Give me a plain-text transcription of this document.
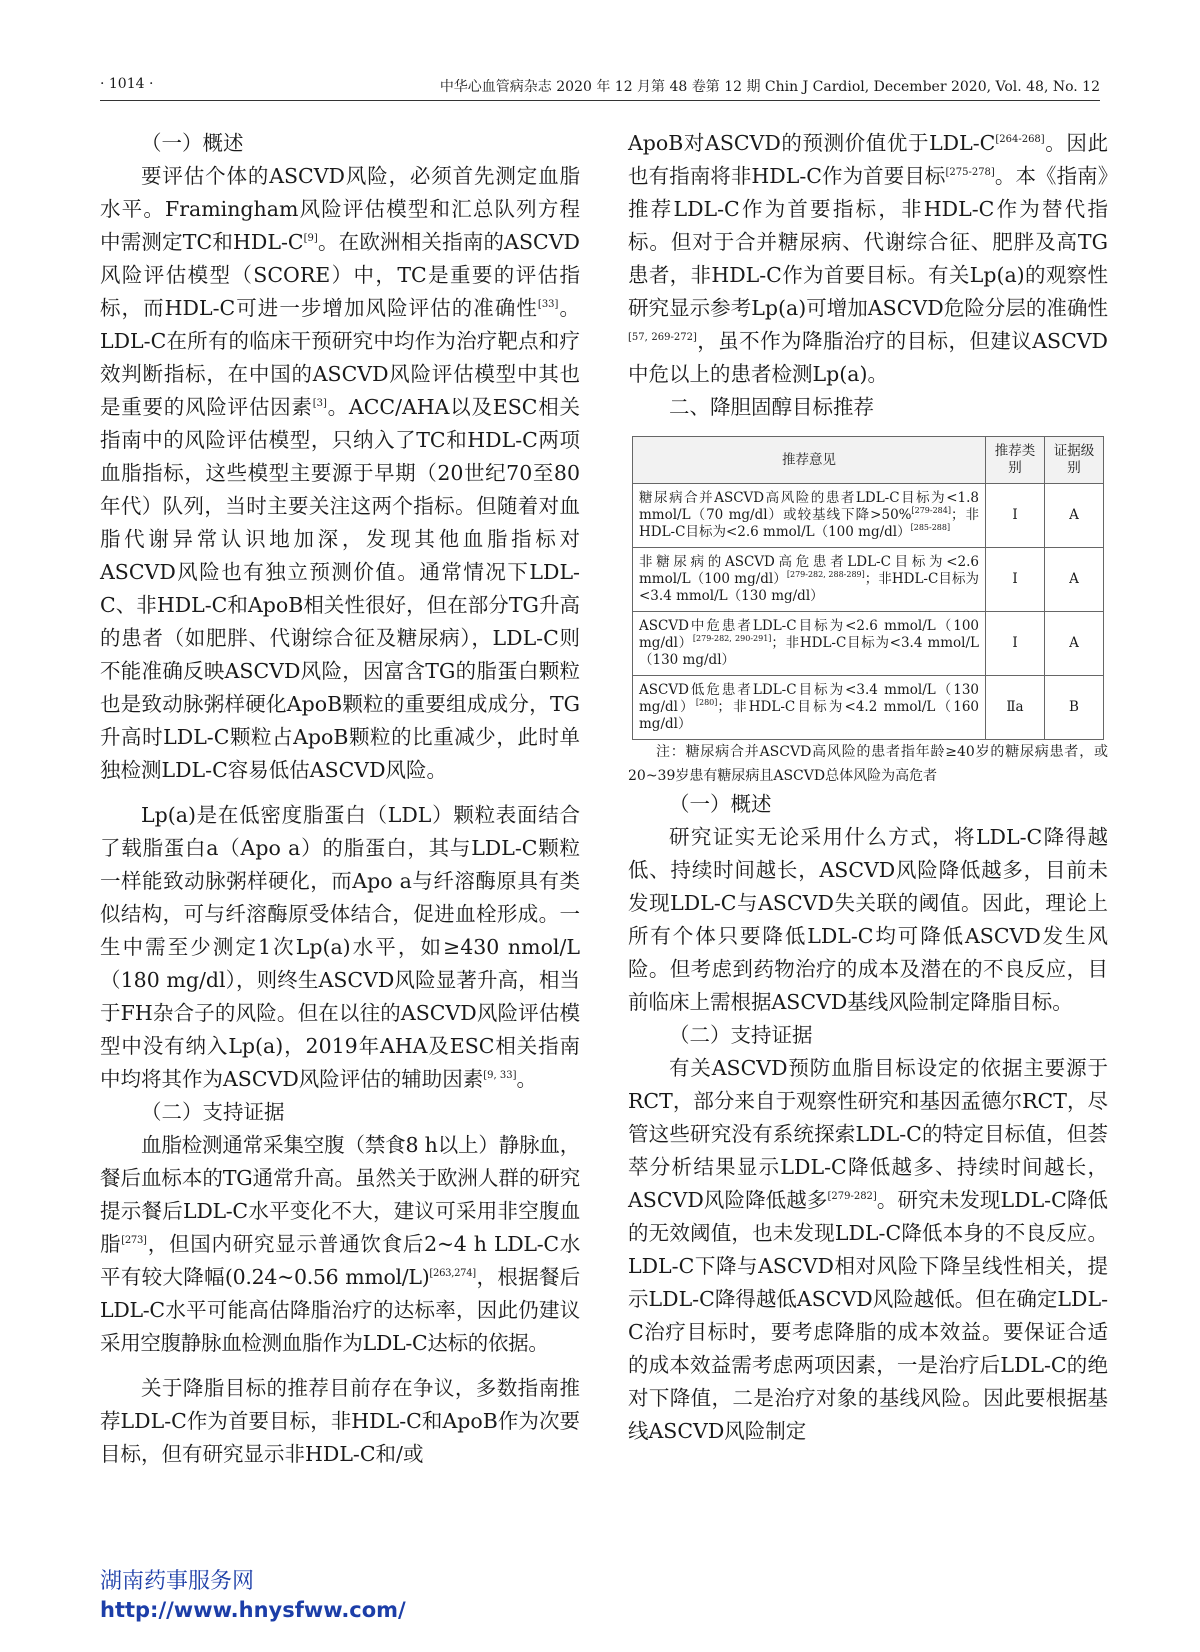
· 1014 ·	中华心血管病杂志 2020 年 12 月第 48 卷第 12 期 Chin J Cardiol, December 2020, Vol. 48, No. 12

（一）概述

要评估个体的ASCVD风险，必须首先测定血脂水平。Framingham风险评估模型和汇总队列方程中需测定TC和HDL-C[9]。在欧洲相关指南的ASCVD风险评估模型（SCORE）中，TC是重要的评估指标，而HDL-C可进一步增加风险评估的准确性[33]。LDL-C在所有的临床干预研究中均作为治疗靶点和疗效判断指标，在中国的ASCVD风险评估模型中其也是重要的风险评估因素[3]。ACC/AHA以及ESC相关指南中的风险评估模型，只纳入了TC和HDL-C两项血脂指标，这些模型主要源于早期（20世纪70至80年代）队列，当时主要关注这两个指标。但随着对血脂代谢异常认识地加深，发现其他血脂指标对ASCVD风险也有独立预测价值。通常情况下LDL-C、非HDL-C和ApoB相关性很好，但在部分TG升高的患者（如肥胖、代谢综合征及糖尿病），LDL-C则不能准确反映ASCVD风险，因富含TG的脂蛋白颗粒也是致动脉粥样硬化ApoB颗粒的重要组成成分，TG升高时LDL-C颗粒占ApoB颗粒的比重减少，此时单独检测LDL-C容易低估ASCVD风险。

Lp(a)是在低密度脂蛋白（LDL）颗粒表面结合了载脂蛋白a（Apo a）的脂蛋白，其与LDL-C颗粒一样能致动脉粥样硬化，而Apo a与纤溶酶原具有类似结构，可与纤溶酶原受体结合，促进血栓形成。一生中需至少测定1次Lp(a)水平，如≥430 nmol/L（180 mg/dl），则终生ASCVD风险显著升高，相当于FH杂合子的风险。但在以往的ASCVD风险评估模型中没有纳入Lp(a)，2019年AHA及ESC相关指南中均将其作为ASCVD风险评估的辅助因素[9, 33]。

（二）支持证据

血脂检测通常采集空腹（禁食8 h以上）静脉血，餐后血标本的TG通常升高。虽然关于欧洲人群的研究提示餐后LDL-C水平变化不大，建议可采用非空腹血脂[273]，但国内研究显示普通饮食后2~4 h LDL-C水平有较大降幅(0.24~0.56 mmol/L)[263,274]，根据餐后LDL-C水平可能高估降脂治疗的达标率，因此仍建议采用空腹静脉血检测血脂作为LDL-C达标的依据。

关于降脂目标的推荐目前存在争议，多数指南推荐LDL-C作为首要目标，非HDL-C和ApoB作为次要目标，但有研究显示非HDL-C和/或

ApoB对ASCVD的预测价值优于LDL-C[264-268]。因此也有指南将非HDL-C作为首要目标[275-278]。本《指南》推荐LDL-C作为首要指标，非HDL-C作为替代指标。但对于合并糖尿病、代谢综合征、肥胖及高TG患者，非HDL-C作为首要目标。有关Lp(a)的观察性研究显示参考Lp(a)可增加ASCVD危险分层的准确性[57, 269-272]，虽不作为降脂治疗的目标，但建议ASCVD中危以上的患者检测Lp(a)。

二、降胆固醇目标推荐

推荐意见	推荐类别	证据级别
糖尿病合并ASCVD高风险的患者LDL-C目标为<1.8 mmol/L（70 mg/dl）或较基线下降>50%[279-284]；非HDL-C目标为<2.6 mmol/L（100 mg/dl）[285-288]	Ⅰ	A
非糖尿病的ASCVD高危患者LDL-C目标为<2.6 mmol/L（100 mg/dl）[279-282, 288-289]；非HDL-C目标为<3.4 mmol/L（130 mg/dl）	Ⅰ	A
ASCVD中危患者LDL-C目标为<2.6 mmol/L（100 mg/dl）[279-282, 290-291]；非HDL-C目标为<3.4 mmol/L（130 mg/dl）	Ⅰ	A
ASCVD低危患者LDL-C目标为<3.4 mmol/L（130 mg/dl）[280]；非HDL-C目标为<4.2 mmol/L（160 mg/dl）	Ⅱa	B

注：糖尿病合并ASCVD高风险的患者指年龄≥40岁的糖尿病患者，或20~39岁患有糖尿病且ASCVD总体风险为高危者

（一）概述

研究证实无论采用什么方式，将LDL-C降得越低、持续时间越长，ASCVD风险降低越多，目前未发现LDL-C与ASCVD失关联的阈值。因此，理论上所有个体只要降低LDL-C均可降低ASCVD发生风险。但考虑到药物治疗的成本及潜在的不良反应，目前临床上需根据ASCVD基线风险制定降脂目标。

（二）支持证据

有关ASCVD预防血脂目标设定的依据主要源于RCT，部分来自于观察性研究和基因孟德尔RCT，尽管这些研究没有系统探索LDL-C的特定目标值，但荟萃分析结果显示LDL-C降低越多、持续时间越长，ASCVD风险降低越多[279-282]。研究未发现LDL-C降低的无效阈值，也未发现LDL-C降低本身的不良反应。LDL-C下降与ASCVD相对风险下降呈线性相关，提示LDL-C降得越低ASCVD风险越低。但在确定LDL-C治疗目标时，要考虑降脂的成本效益。要保证合适的成本效益需考虑两项因素，一是治疗后LDL-C的绝对下降值，二是治疗对象的基线风险。因此要根据基线ASCVD风险制定

湖南药事服务网
http://www.hnysfww.com/
